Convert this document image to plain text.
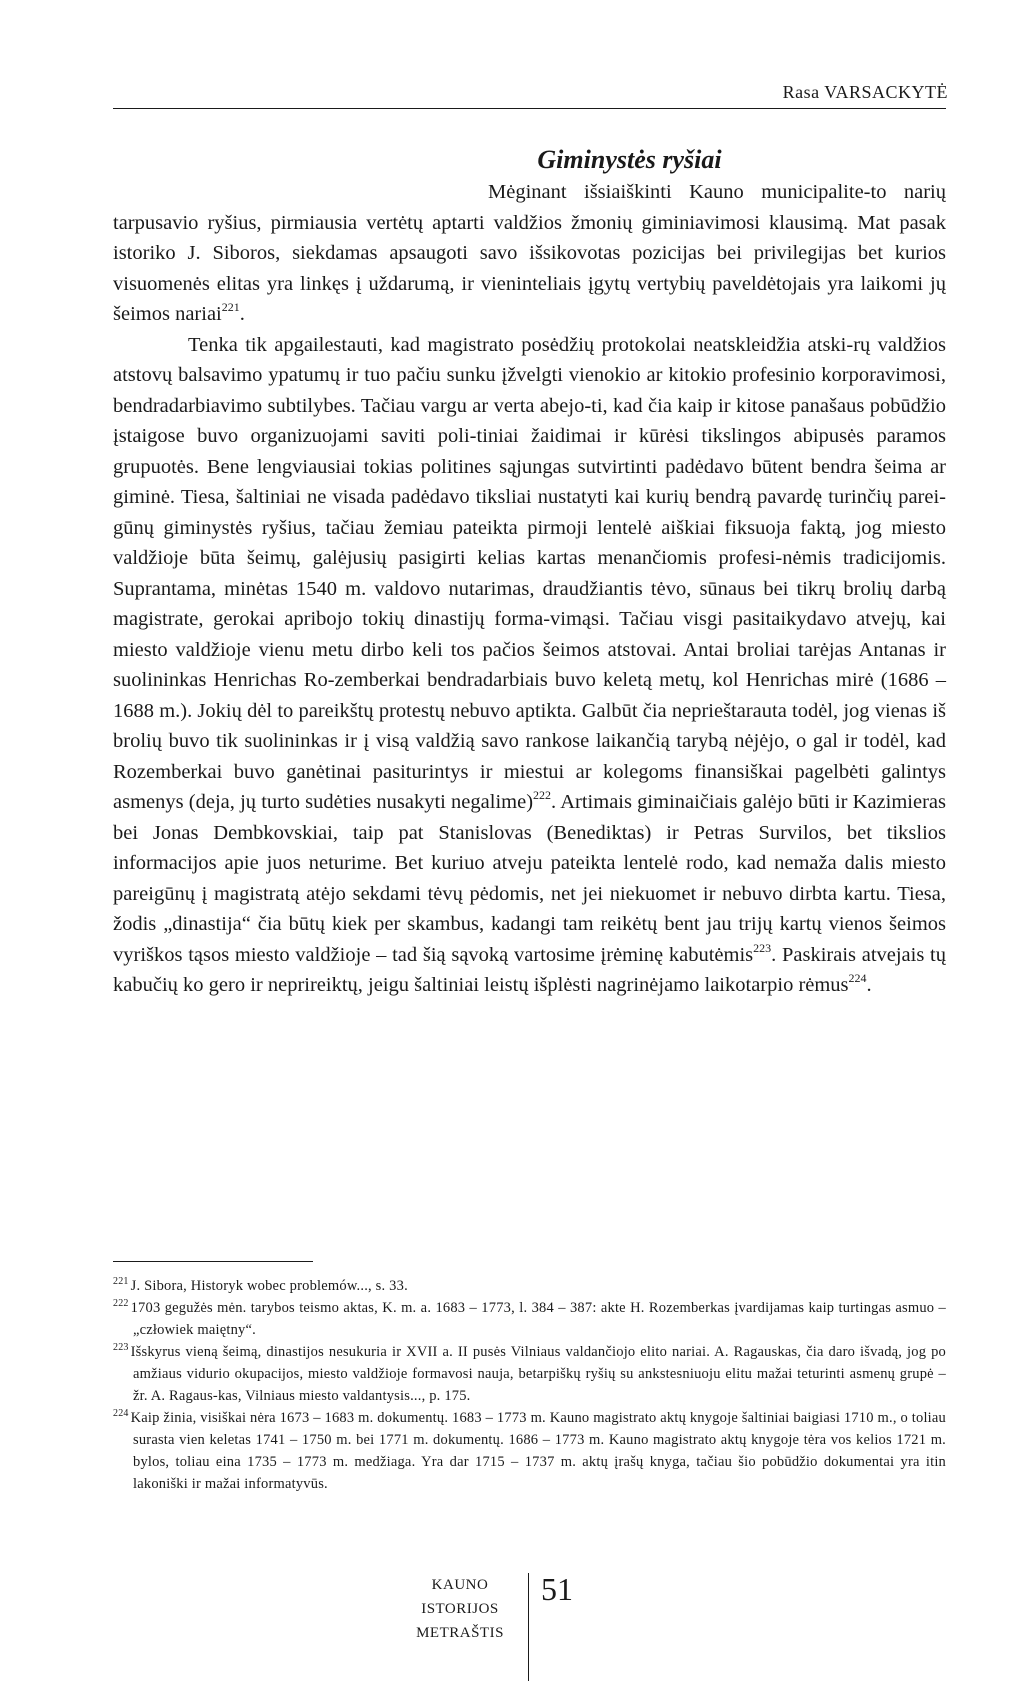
Rasa VARSACKYTĖ
Giminystės ryšiai

Mėginant išsiaiškinti Kauno municipalite-to narių tarpusavio ryšius, pirmiausia vertėtų aptarti valdžios žmonių giminiavimosi klausimą. Mat pasak istoriko J. Siboros, siekdamas apsaugoti savo išsikovotas pozicijas bei privilegijas bet kurios visuomenės elitas yra linkęs į uždarumą, ir vieninteliais įgytų vertybių paveldėtojais yra laikomi jų šeimos nariai$^{221}$.

Tenka tik apgailestauti, kad magistrato posėdžių protokolai neatskleidžia atski-rų valdžios atstovų balsavimo ypatumų ir tuo pačiu sunku įžvelgti vienokio ar kitokio profesinio korporavimosi, bendradarbiavimo subtilybes. Tačiau vargu ar verta abejo-ti, kad čia kaip ir kitose panašaus pobūdžio įstaigose buvo organizuojami saviti poli-tiniai žaidimai ir kūrėsi tikslingos abipusės paramos grupuotės. Bene lengviausiai tokias politines sąjungas sutvirtinti padėdavo būtent bendra šeima ar giminė. Tiesa, šaltiniai ne visada padėdavo tiksliai nustatyti kai kurių bendrą pavardę turinčių parei-gūnų giminystės ryšius, tačiau žemiau pateikta pirmoji lentelė aiškiai fiksuoja faktą, jog miesto valdžioje būta šeimų, galėjusių pasigirti kelias kartas menančiomis profesi-nėmis tradicijomis. Suprantama, minėtas 1540 m. valdovo nutarimas, draudžiantis tėvo, sūnaus bei tikrų brolių darbą magistrate, gerokai apribojo tokių dinastijų forma-vimąsi. Tačiau visgi pasitaikydavo atvejų, kai miesto valdžioje vienu metu dirbo keli tos pačios šeimos atstovai. Antai broliai tarėjas Antanas ir suolininkas Henrichas Ro-zemberkai bendradarbiais buvo keletą metų, kol Henrichas mirė (1686 – 1688 m.). Jokių dėl to pareikštų protestų nebuvo aptikta. Galbūt čia neprieštarauta todėl, jog vienas iš brolių buvo tik suolininkas ir į visą valdžią savo rankose laikančią tarybą nėjėjo, o gal ir todėl, kad Rozemberkai buvo ganėtinai pasiturintys ir miestui ar kolegoms finansiškai pagelbėti galintys asmenys (deja, jų turto sudėties nusakyti negalime)$^{222}$. Artimais giminaičiais galėjo būti ir Kazimieras bei Jonas Dembkovskiai, taip pat Stanislovas (Benediktas) ir Petras Survilos, bet tikslios informacijos apie juos neturime. Bet kuriuo atveju pateikta lentelė rodo, kad nemaža dalis miesto pareigūnų į magistratą atėjo sekdami tėvų pėdomis, net jei niekuomet ir nebuvo dirbta kartu. Tiesa, žodis „dinastija“ čia būtų kiek per skambus, kadangi tam reikėtų bent jau trijų kartų vienos šeimos vyriškos tąsos miesto valdžioje – tad šią sąvoką vartosime įrėminę kabutėmis$^{223}$. Paskirais atvejais tų kabučių ko gero ir neprireiktų, jeigu šaltiniai leistų išplėsti nagrinėjamo laikotarpio rėmus$^{224}$.

$^{221}$ J. Sibora, Historyk wobec problemów..., s. 33.
$^{222}$ 1703 gegužės mėn. tarybos teismo aktas, K. m. a. 1683 – 1773, l. 384 – 387: akte H. Rozemberkas įvardijamas kaip turtingas asmuo – „człowiek maiętny“.
$^{223}$ Išskyrus vieną šeimą, dinastijos nesukuria ir XVII a. II pusės Vilniaus valdančiojo elito nariai. A. Ragauskas, čia daro išvadą, jog po amžiaus vidurio okupacijos, miesto valdžioje formavosi nauja, betarpiškų ryšių su ankstesniuoju elitu mažai teturinti asmenų grupė – žr. A. Ragaus-kas, Vilniaus miesto valdantysis..., p. 175.
$^{224}$ Kaip žinia, visiškai nėra 1673 – 1683 m. dokumentų. 1683 – 1773 m. Kauno magistrato aktų knygoje šaltiniai baigiasi 1710 m., o toliau surasta vien keletas 1741 – 1750 m. bei 1771 m. dokumentų. 1686 – 1773 m. Kauno magistrato aktų knygoje tėra vos kelios 1721 m. bylos, toliau eina 1735 – 1773 m. medžiaga. Yra dar 1715 – 1737 m. aktų įrašų knyga, tačiau šio pobūdžio dokumentai yra itin lakoniški ir mažai informatyvūs.
KAUNO
ISTORIJOS
METRAŠTIS
51
